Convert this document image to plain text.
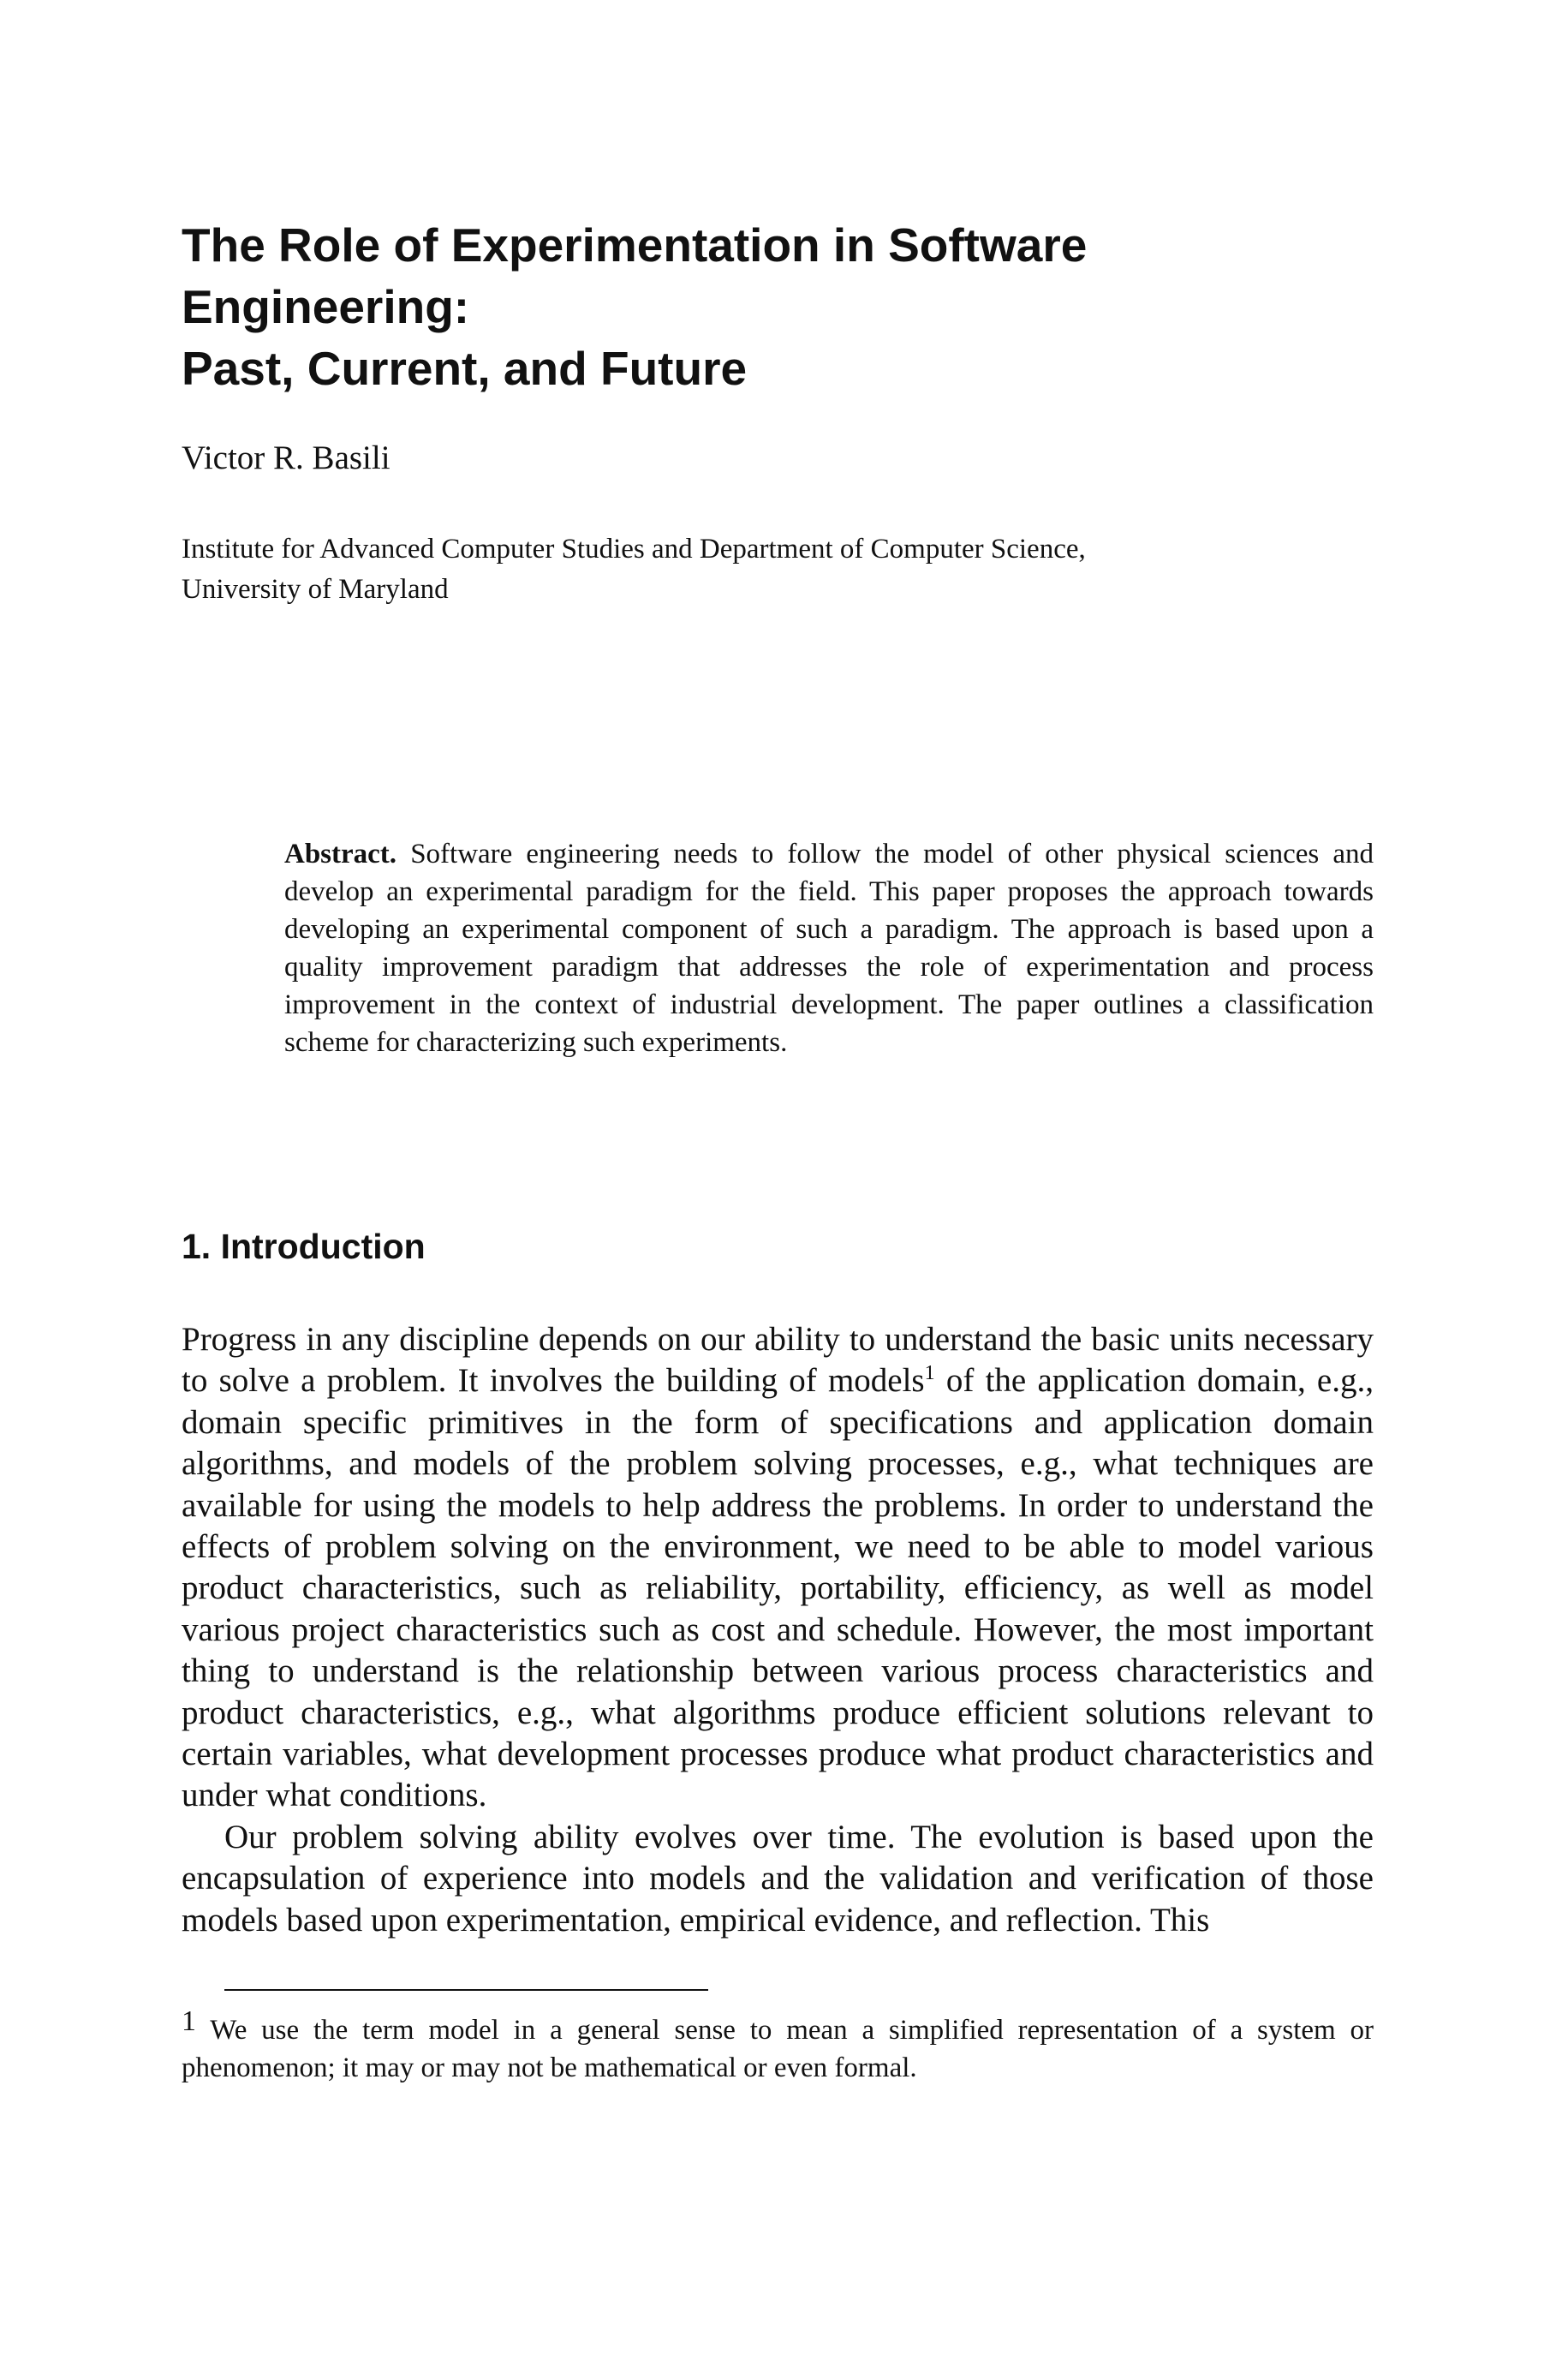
The Role of Experimentation in Software
Engineering:
Past, Current, and Future

Victor R. Basili

Institute for Advanced Computer Studies and Department of Computer Science,
University of Maryland

Abstract. Software engineering needs to follow the model of other physical sciences and develop an experimental paradigm for the field. This paper proposes the approach towards developing an experimental component of such a paradigm. The approach is based upon a quality improvement paradigm that addresses the role of experimentation and process improvement in the context of industrial development. The paper outlines a classification scheme for characterizing such experiments.

1. Introduction

Progress in any discipline depends on our ability to understand the basic units necessary to solve a problem. It involves the building of models$^1$ of the application domain, e.g., domain specific primitives in the form of specifications and application domain algorithms, and models of the problem solving processes, e.g., what techniques are available for using the models to help address the problems. In order to understand the effects of problem solving on the environment, we need to be able to model various product characteristics, such as reliability, portability, efficiency, as well as model various project characteristics such as cost and schedule. However, the most important thing to understand is the relationship between various process characteristics and product characteristics, e.g., what algorithms produce efficient solutions relevant to certain variables, what development processes produce what product characteristics and under what conditions.

Our problem solving ability evolves over time. The evolution is based upon the encapsulation of experience into models and the validation and verification of those models based upon experimentation, empirical evidence, and reflection. This

1 We use the term model in a general sense to mean a simplified representation of a system or phenomenon; it may or may not be mathematical or even formal.
